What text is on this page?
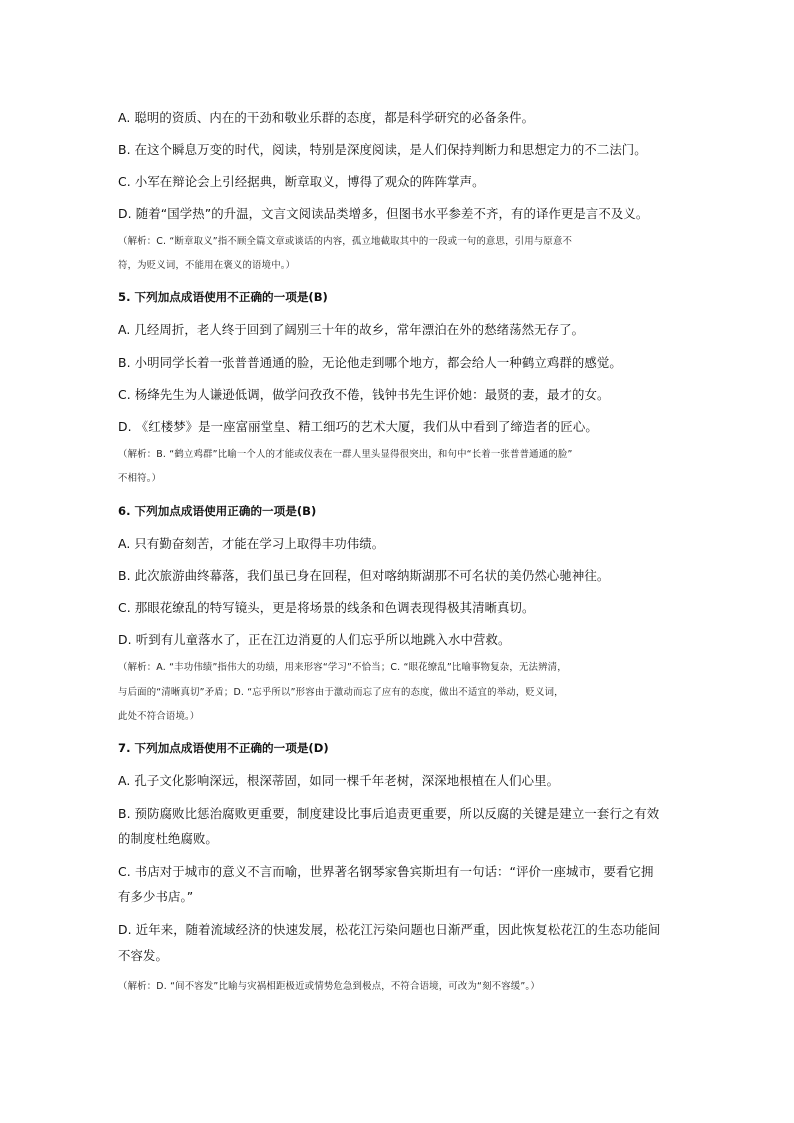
A. 聪明的资质、内在的干劲和敬业乐群的态度，都是科学研究的必备条件。
B. 在这个瞬息万变的时代，阅读，特别是深度阅读，是人们保持判断力和思想定力的不二法门。
C. 小军在辩论会上引经据典，断章取义，博得了观众的阵阵掌声。
D. 随着“国学热”的升温，文言文阅读品类增多，但图书水平参差不齐，有的译作更是言不及义。
（解析：C. “断章取义”指不顾全篇文章或谈话的内容，孤立地截取其中的一段或一句的意思，引用与原意不
符，为贬义词，不能用在褒义的语境中。）
5. 下列加点成语使用不正确的一项是(B)
A. 几经周折，老人终于回到了阔别三十年的故乡，常年漂泊在外的愁绪荡然无存了。
B. 小明同学长着一张普普通通的脸，无论他走到哪个地方，都会给人一种鹤立鸡群的感觉。
C. 杨绛先生为人谦逊低调，做学问孜孜不倦，钱钟书先生评价她：最贤的妻，最才的女。
D. 《红楼梦》是一座富丽堂皇、精工细巧的艺术大厦，我们从中看到了缔造者的匠心。
（解析：B. “鹤立鸡群”比喻一个人的才能或仪表在一群人里头显得很突出，和句中“长着一张普普通通的脸”
不相符。）
6. 下列加点成语使用正确的一项是(B)
A. 只有勤奋刻苦，才能在学习上取得丰功伟绩。
B. 此次旅游曲终幕落，我们虽已身在回程，但对喀纳斯湖那不可名状的美仍然心驰神往。
C. 那眼花缭乱的特写镜头，更是将场景的线条和色调表现得极其清晰真切。
D. 听到有儿童落水了，正在江边消夏的人们忘乎所以地跳入水中营救。
（解析：A. “丰功伟绩”指伟大的功绩，用来形容“学习”不恰当；C. “眼花缭乱”比喻事物复杂，无法辨清，
与后面的“清晰真切”矛盾；D. “忘乎所以”形容由于激动而忘了应有的态度，做出不适宜的举动，贬义词，
此处不符合语境。）
7. 下列加点成语使用不正确的一项是(D)
A. 孔子文化影响深远，根深蒂固，如同一棵千年老树，深深地根植在人们心里。
B. 预防腐败比惩治腐败更重要，制度建设比事后追责更重要，所以反腐的关键是建立一套行之有效
的制度杜绝腐败。
C. 书店对于城市的意义不言而喻，世界著名钢琴家鲁宾斯坦有一句话：“评价一座城市，要看它拥
有多少书店。”
D. 近年来，随着流域经济的快速发展，松花江污染问题也日渐严重，因此恢复松花江的生态功能间
不容发。
（解析：D. “间不容发”比喻与灾祸相距极近或情势危急到极点，不符合语境，可改为“刻不容缓”。）
